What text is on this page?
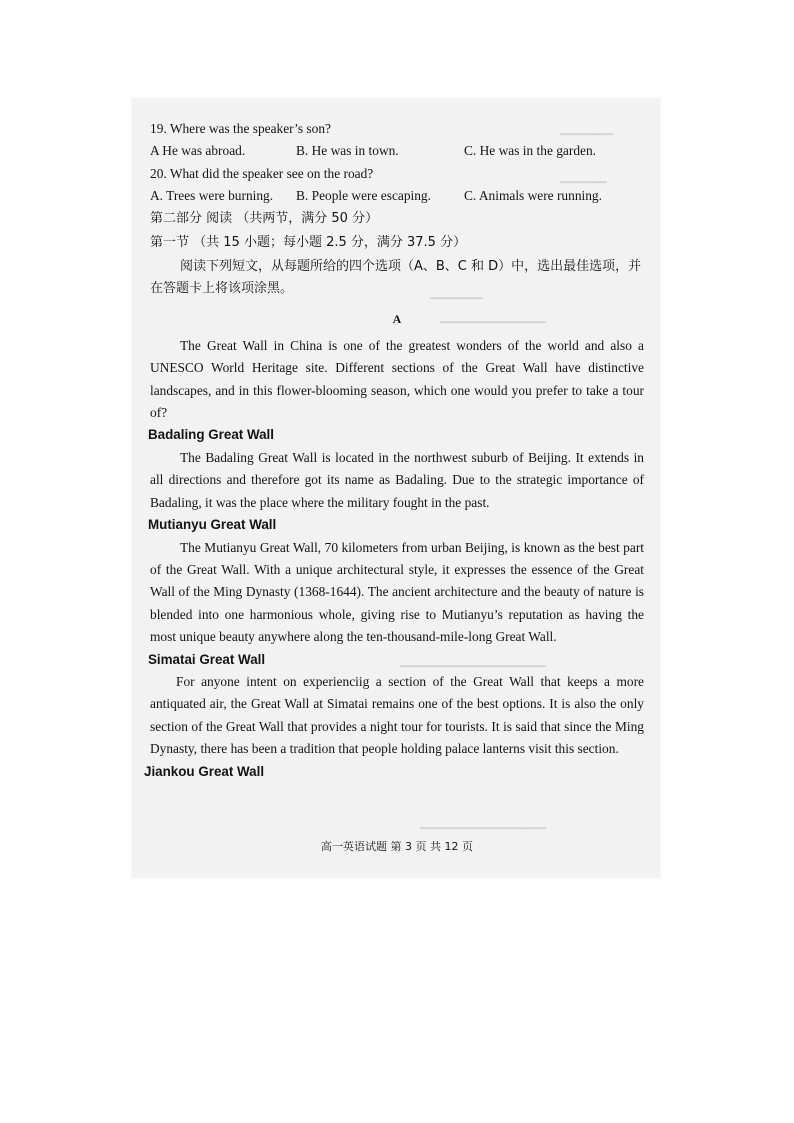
━━━━━━━━
━━━━━━━
━━━━━━━━
━━━━━━━━━━━━━━━━
━━━━━━━━━━━━━━━━━━━━━━
━━━━━━━━━━━━━━━━━━━
19. Where was the speaker’s son?
A He was abroad.	B. He was in town.	C. He was in the garden.
20. What did the speaker see on the road?
A. Trees were burning.	B. People were escaping.	C. Animals were running.
第二部分 阅读 （共两节，满分 50 分）
第一节 （共 15 小题；每小题 2.5 分，满分 37.5 分）
阅读下列短文，从每题所给的四个选项（A、B、C 和 D）中，选出最佳选项，并在答题卡上将该项涂黑。
A

The Great Wall in China is one of the greatest wonders of the world and also a UNESCO World Heritage site. Different sections of the Great Wall have distinctive landscapes, and in this flower-blooming season, which one would you prefer to take a tour of?

Badaling Great Wall

The Badaling Great Wall is located in the northwest suburb of Beijing. It extends in all directions and therefore got its name as Badaling. Due to the strategic importance of Badaling, it was the place where the military fought in the past.

Mutianyu Great Wall

The Mutianyu Great Wall, 70 kilometers from urban Beijing, is known as the best part of the Great Wall. With a unique architectural style, it expresses the essence of the Great Wall of the Ming Dynasty (1368-1644). The ancient architecture and the beauty of nature is blended into one harmonious whole, giving rise to Mutianyu’s reputation as having the most unique beauty anywhere along the ten-thousand-mile-long Great Wall.

Simatai Great Wall

For anyone intent on experienciig a section of the Great Wall that keeps a more antiquated air, the Great Wall at Simatai remains one of the best options. It is also the only section of the Great Wall that provides a night tour for tourists. It is said that since the Ming Dynasty, there has been a tradition that people holding palace lanterns visit this section.

Jiankou Great Wall
高一英语试题 第 3 页 共 12 页
